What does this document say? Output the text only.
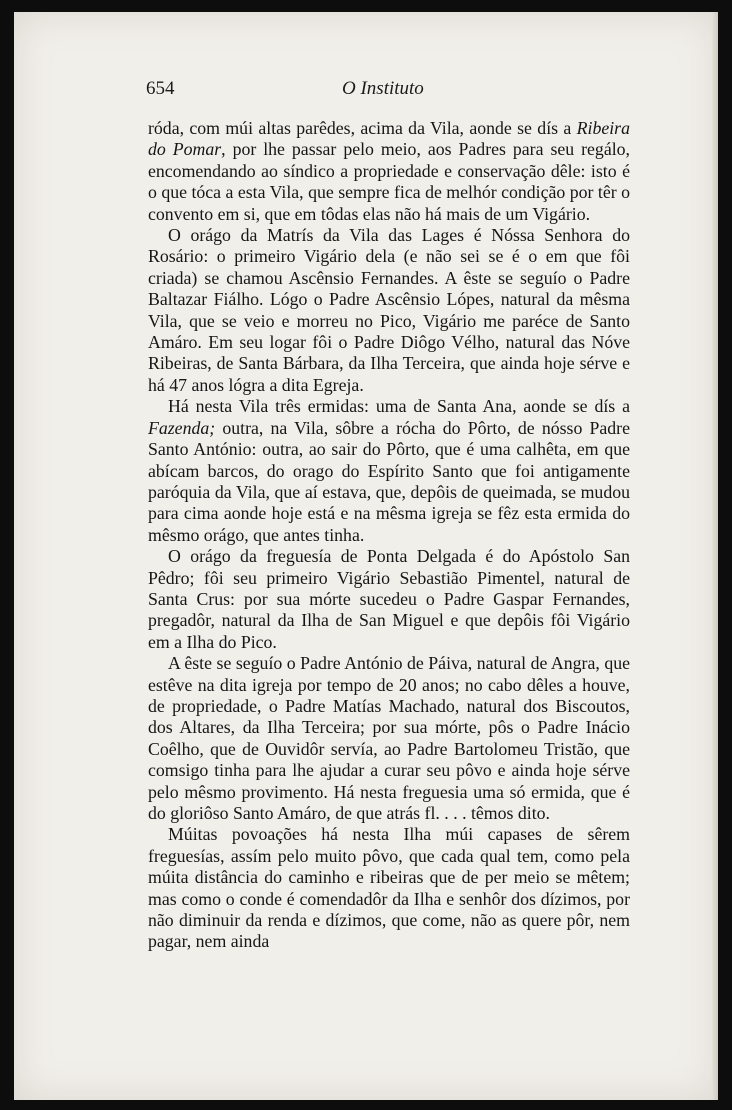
654	O Instituto

róda, com múi altas parêdes, acima da Vila, aonde se dís a Ribeira do Pomar, por lhe passar pelo meio, aos Padres para seu regálo, encomendando ao síndico a propriedade e conservação dêle: isto é o que tóca a esta Vila, que sempre fica de melhór condição por têr o convento em si, que em tôdas elas não há mais de um Vigário.

O orágo da Matrís da Vila das Lages é Nóssa Senhora do Rosário: o primeiro Vigário dela (e não sei se é o em que fôi criada) se chamou Ascênsio Fernandes. A êste se seguío o Padre Baltazar Fiálho. Lógo o Padre Ascênsio Lópes, natural da mêsma Vila, que se veio e morreu no Pico, Vigário me paréce de Santo Amáro. Em seu logar fôi o Padre Diôgo Vélho, natural das Nóve Ribeiras, de Santa Bárbara, da Ilha Terceira, que ainda hoje sérve e há 47 anos lógra a dita Egreja.

Há nesta Vila três ermidas: uma de Santa Ana, aonde se dís a Fazenda; outra, na Vila, sôbre a rócha do Pôrto, de nósso Padre Santo António: outra, ao sair do Pôrto, que é uma calhêta, em que abícam barcos, do orago do Espírito Santo que foi antigamente paróquia da Vila, que aí estava, que, depôis de queimada, se mudou para cima aonde hoje está e na mêsma igreja se fêz esta ermida do mêsmo orágo, que antes tinha.

O orágo da freguesía de Ponta Delgada é do Apóstolo San Pêdro; fôi seu primeiro Vigário Sebastião Pimentel, natural de Santa Crus: por sua mórte sucedeu o Padre Gaspar Fernandes, pregadôr, natural da Ilha de San Miguel e que depôis fôi Vigário em a Ilha do Pico.

A êste se seguío o Padre António de Páiva, natural de Angra, que estêve na dita igreja por tempo de 20 anos; no cabo dêles a houve, de propriedade, o Padre Matías Machado, natural dos Biscoutos, dos Altares, da Ilha Terceira; por sua mórte, pôs o Padre Inácio Coêlho, que de Ouvidôr servía, ao Padre Bartolomeu Tristão, que comsigo tinha para lhe ajudar a curar seu pôvo e ainda hoje sérve pelo mêsmo provimento. Há nesta freguesia uma só ermida, que é do gloriôso Santo Amáro, de que atrás fl. . . . têmos dito.

Múitas povoações há nesta Ilha múi capases de sêrem freguesías, assím pelo muito pôvo, que cada qual tem, como pela múita distância do caminho e ribeiras que de per meio se mêtem; mas como o conde é comendadôr da Ilha e senhôr dos dízimos, por não diminuir da renda e dízimos, que come, não as quere pôr, nem pagar, nem ainda
